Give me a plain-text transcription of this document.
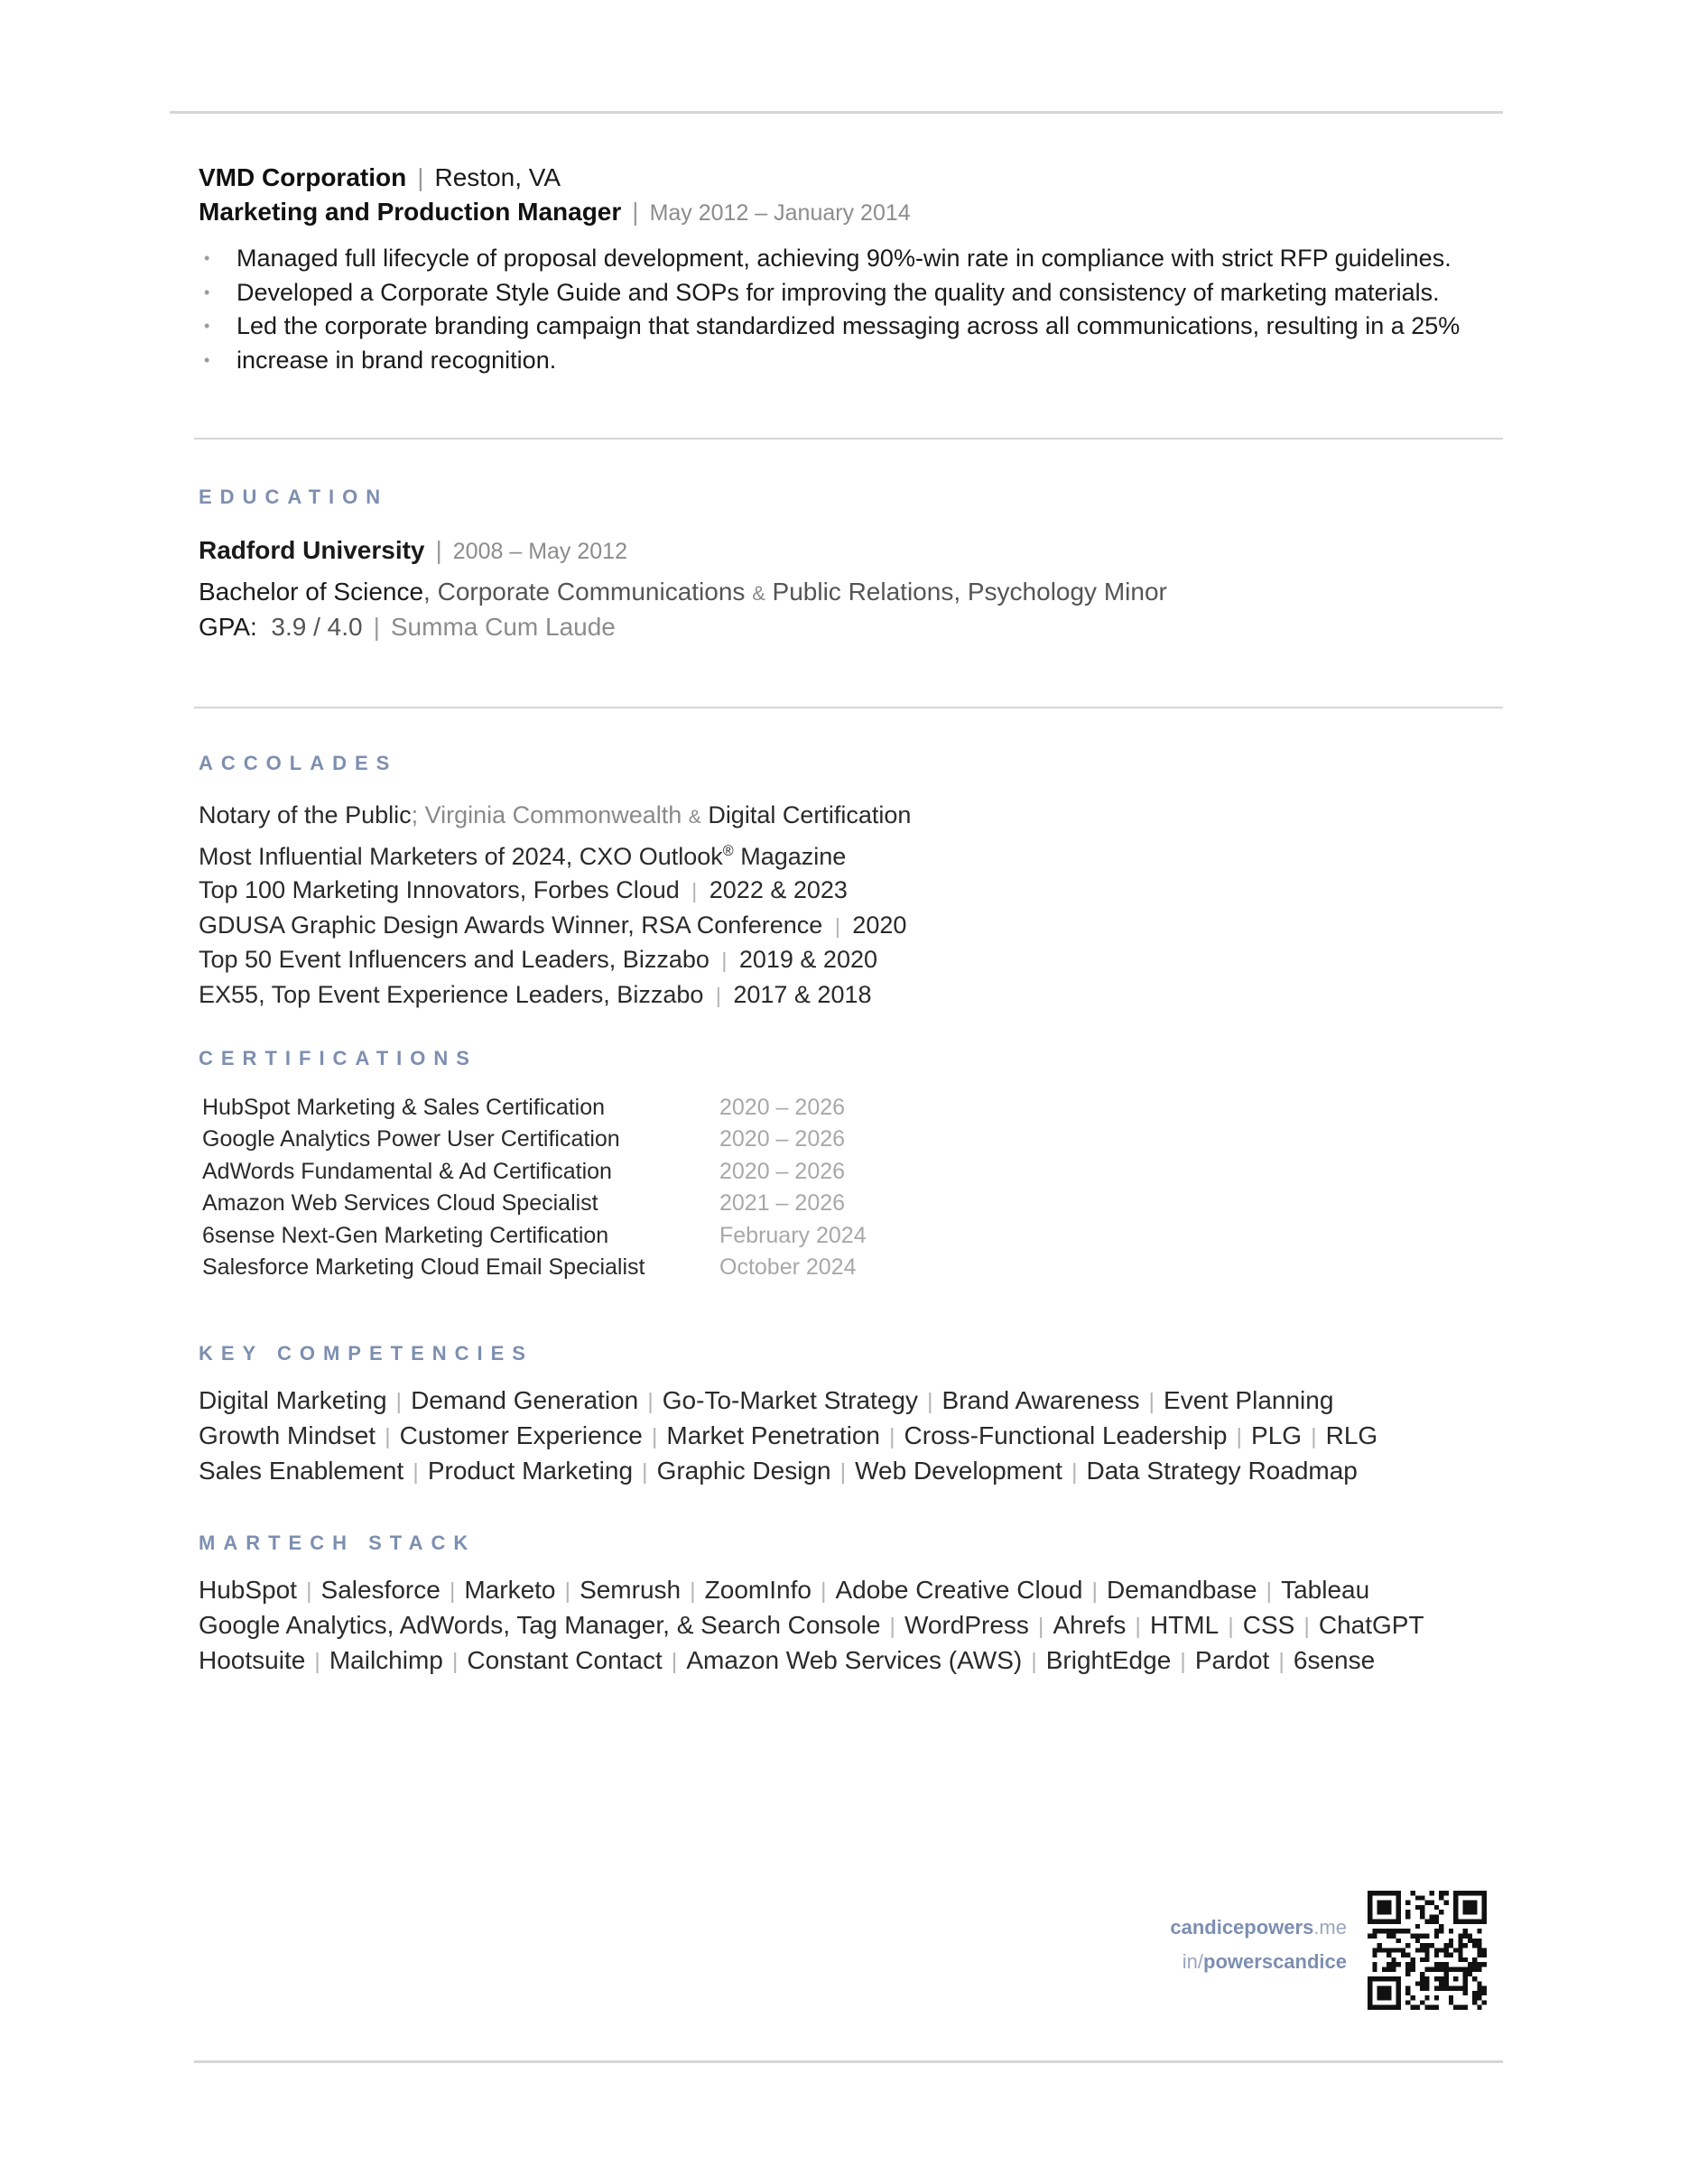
VMD Corporation | Reston, VA
Marketing and Production Manager | May 2012 – January 2014
• Managed full lifecycle of proposal development, achieving 90%-win rate in compliance with strict RFP guidelines.
• Developed a Corporate Style Guide and SOPs for improving the quality and consistency of marketing materials.
• Led the corporate branding campaign that standardized messaging across all communications, resulting in a 25%
• increase in brand recognition.
EDUCATION
Radford University | 2008 – May 2012
Bachelor of Science, Corporate Communications & Public Relations, Psychology Minor
GPA: 3.9 / 4.0 | Summa Cum Laude
ACCOLADES
Notary of the Public; Virginia Commonwealth & Digital Certification
Most Influential Marketers of 2024, CXO Outlook® Magazine
Top 100 Marketing Innovators, Forbes Cloud | 2022 & 2023
GDUSA Graphic Design Awards Winner, RSA Conference | 2020
Top 50 Event Influencers and Leaders, Bizzabo | 2019 & 2020
EX55, Top Event Experience Leaders, Bizzabo | 2017 & 2018
CERTIFICATIONS
HubSpot Marketing & Sales Certification	2020 – 2026
Google Analytics Power User Certification	2020 – 2026
AdWords Fundamental & Ad Certification	2020 – 2026
Amazon Web Services Cloud Specialist	2021 – 2026
6sense Next-Gen Marketing Certification	February 2024
Salesforce Marketing Cloud Email Specialist	October 2024
KEY COMPETENCIES
Digital Marketing | Demand Generation | Go-To-Market Strategy | Brand Awareness | Event Planning
Growth Mindset | Customer Experience | Market Penetration | Cross-Functional Leadership | PLG | RLG
Sales Enablement | Product Marketing | Graphic Design | Web Development | Data Strategy Roadmap
MARTECH STACK
HubSpot | Salesforce | Marketo | Semrush | ZoomInfo | Adobe Creative Cloud | Demandbase | Tableau
Google Analytics, AdWords, Tag Manager, & Search Console | WordPress | Ahrefs | HTML | CSS | ChatGPT
Hootsuite | Mailchimp | Constant Contact | Amazon Web Services (AWS) | BrightEdge | Pardot | 6sense
candicepowers.me
in/powerscandice
